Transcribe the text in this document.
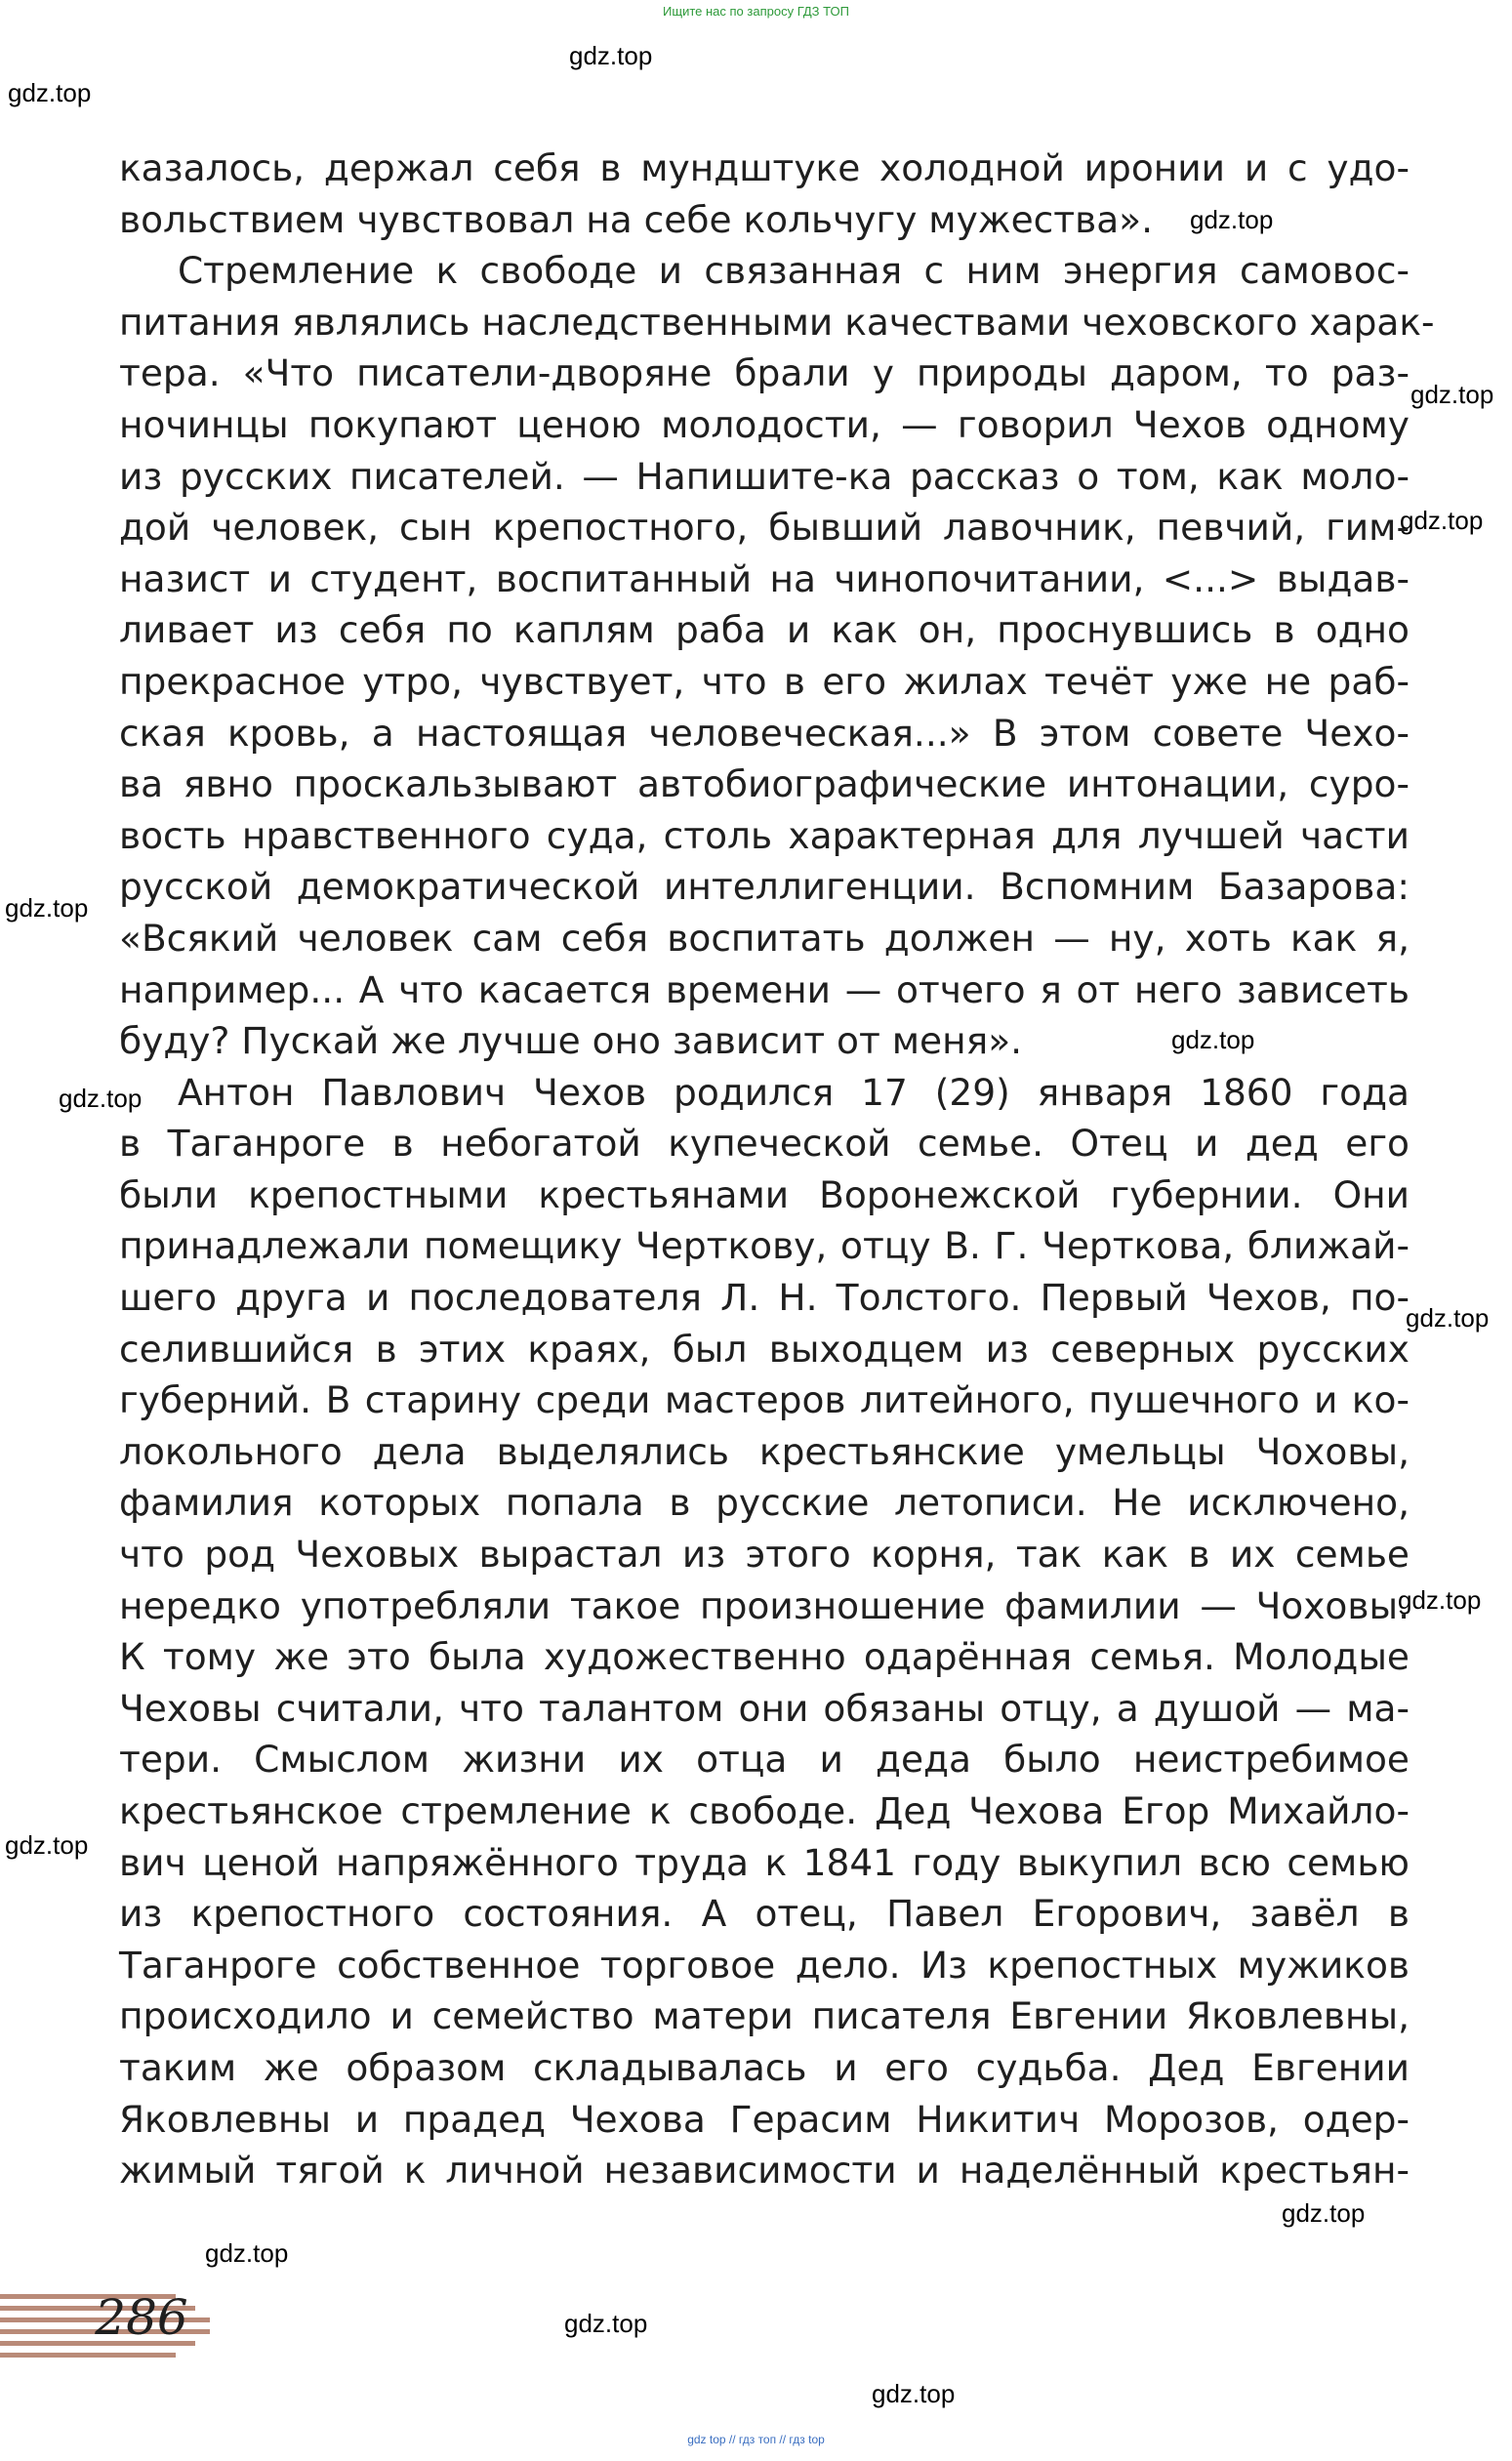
Ищите нас по запросу ГДЗ ТОП
gdz.top
gdz.top
gdz.top
gdz.top
gdz.top
gdz.top
gdz.top
gdz.top
gdz.top
gdz.top
gdz.top
gdz.top
gdz.top
gdz.top
gdz.top
казалось, держал себя в мундштуке холодной иронии и с удо-
вольствием чувствовал на себе кольчугу мужества».
Стремление к свободе и связанная с ним энергия самовос-
питания являлись наследственными качествами чеховского харак-
тера. «Что писатели-дворяне брали у природы даром, то раз-
ночинцы покупают ценою молодости, — говорил Чехов одному
из русских писателей. — Напишите-ка рассказ о том, как моло-
дой человек, сын крепостного, бывший лавочник, певчий, гим-
назист и студент, воспитанный на чинопочитании, <...> выдав-
ливает из себя по каплям раба и как он, проснувшись в одно
прекрасное утро, чувствует, что в его жилах течёт уже не раб-
ская кровь, а настоящая человеческая...» В этом совете Чехо-
ва явно проскальзывают автобиографические интонации, суро-
вость нравственного суда, столь характерная для лучшей части
русской демократической интеллигенции. Вспомним Базарова:
«Всякий человек сам себя воспитать должен — ну, хоть как я,
например... А что касается времени — отчего я от него зависеть
буду? Пускай же лучше оно зависит от меня».
Антон Павлович Чехов родился 17 (29) января 1860 года
в Таганроге в небогатой купеческой семье. Отец и дед его
были крепостными крестьянами Воронежской губернии. Они
принадлежали помещику Черткову, отцу В. Г. Черткова, ближай-
шего друга и последователя Л. Н. Толстого. Первый Чехов, по-
селившийся в этих краях, был выходцем из северных русских
губерний. В старину среди мастеров литейного, пушечного и ко-
локольного дела выделялись крестьянские умельцы Чоховы,
фамилия которых попала в русские летописи. Не исключено,
что род Чеховых вырастал из этого корня, так как в их семье
нередко употребляли такое произношение фамилии — Чоховы.
К тому же это была художественно одарённая семья. Молодые
Чеховы считали, что талантом они обязаны отцу, а душой — ма-
тери. Смыслом жизни их отца и деда было неистребимое
крестьянское стремление к свободе. Дед Чехова Егор Михайло-
вич ценой напряжённого труда к 1841 году выкупил всю семью
из крепостного состояния. А отец, Павел Егорович, завёл в
Таганроге собственное торговое дело. Из крепостных мужиков
происходило и семейство матери писателя Евгении Яковлевны,
таким же образом складывалась и его судьба. Дед Евгении
Яковлевны и прадед Чехова Герасим Никитич Морозов, одер-
жимый тягой к личной независимости и наделённый крестьян-
286
gdz top // гдз топ // гдз top
